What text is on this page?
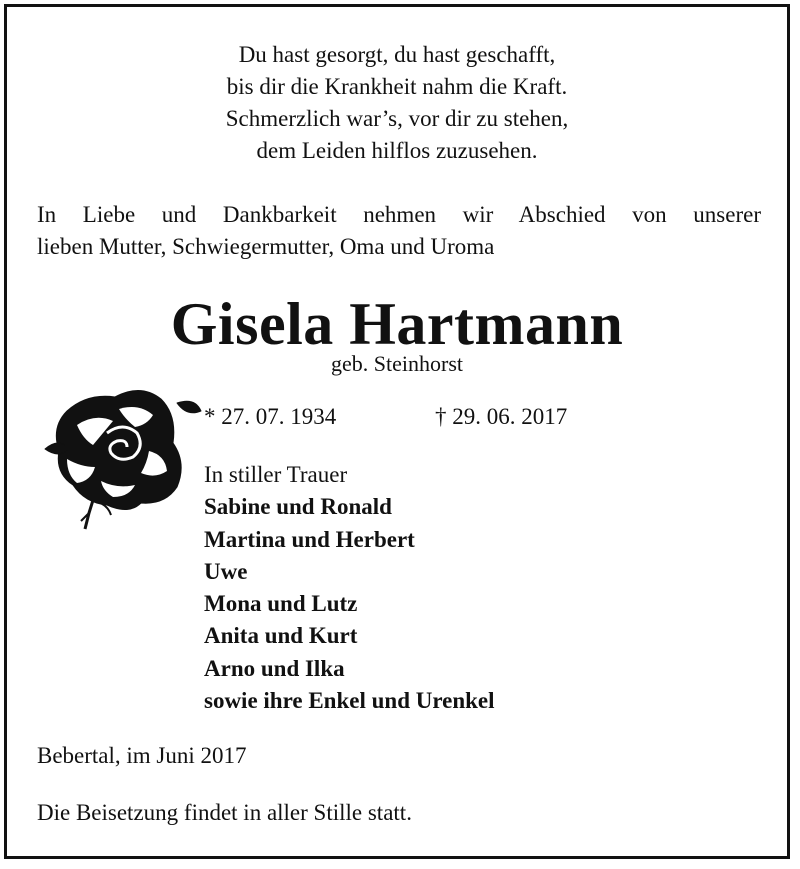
Du hast gesorgt, du hast geschafft,
bis dir die Krankheit nahm die Kraft.
Schmerzlich war’s, vor dir zu stehen,
dem Leiden hilflos zuzusehen.
In Liebe und Dankbarkeit nehmen wir Abschied von unserer
lieben Mutter, Schwiegermutter, Oma und Uroma
Gisela Hartmann
geb. Steinhorst
* 27. 07. 1934	† 29. 06. 2017
In stiller Trauer
Sabine und Ronald
Martina und Herbert
Uwe
Mona und Lutz
Anita und Kurt
Arno und Ilka
sowie ihre Enkel und Urenkel
Bebertal, im Juni 2017
Die Beisetzung findet in aller Stille statt.
